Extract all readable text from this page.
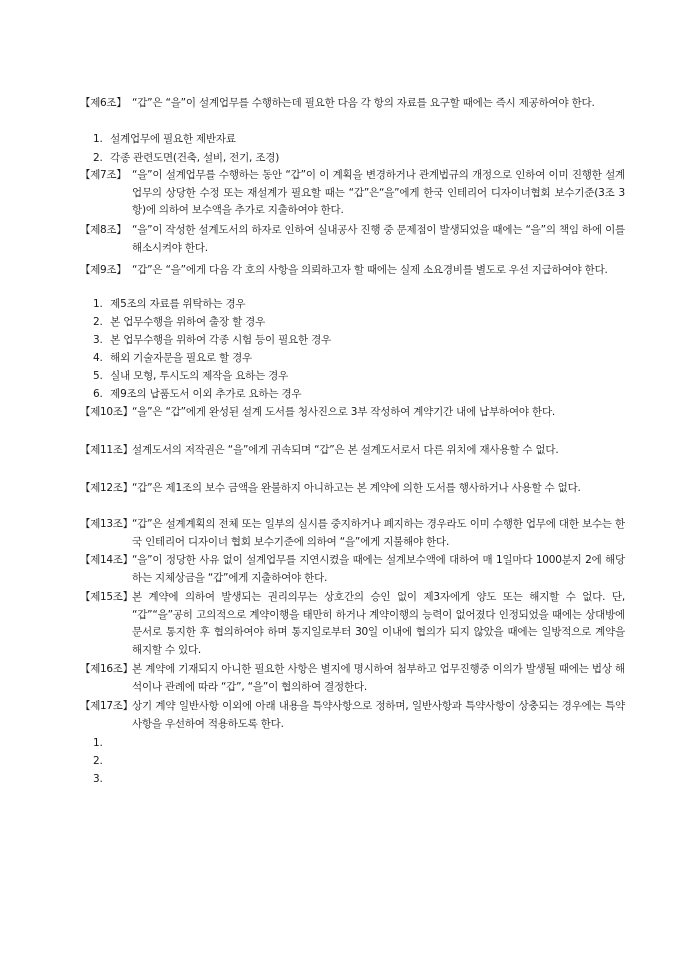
【제6조】 “갑”은 “을”이 설계업무를 수행하는데 필요한 다음 각 항의 자료를 요구할 때에는 즉시 제공하여야 한다.
1. 설계업무에 필요한 제반자료
2. 각종 관련도면(건축, 설비, 전기, 조경)
【제7조】 “을”이 설계업무를 수행하는 동안 “갑”이 이 계획을 변경하거나 관계법규의 개정으로 인하여 이미 진행한 설계업무의 상당한 수정 또는 재설계가 필요할 때는 “갑”은“을”에게 한국 인테리어 디자이너협회 보수기준(3조 3항)에 의하여 보수액을 추가로 지출하여야 한다.
【제8조】 “을”이 작성한 설계도서의 하자로 인하여 실내공사 진행 중 문제점이 발생되었을 때에는 “을”의 책임 하에 이를 해소시켜야 한다.
【제9조】 “갑”은 “을”에게 다음 각 호의 사항을 의뢰하고자 할 때에는 실제 소요경비를 별도로 우선 지급하여야 한다.
1. 제5조의 자료를 위탁하는 경우
2. 본 업무수행을 위하여 출장 할 경우
3. 본 업무수행을 위하여 각종 시험 등이 필요한 경우
4. 해외 기술자문을 필요로 할 경우
5. 실내 모형, 투시도의 제작을 요하는 경우
6. 제9조의 납품도서 이외 추가로 요하는 경우
【제10조】 “을”은 “갑”에게 완성된 설계 도서를 청사진으로 3부 작성하여 계약기간 내에 납부하여야 한다.
【제11조】 설계도서의 저작권은 “을”에게 귀속되며 “갑”은 본 설계도서로서 다른 위치에 재사용할 수 없다.
【제12조】 “갑”은 제1조의 보수 금액을 완불하지 아니하고는 본 계약에 의한 도서를 행사하거나 사용할 수 없다.
【제13조】 “갑”은 설계계획의 전체 또는 일부의 실시를 중지하거나 폐지하는 경우라도 이미 수행한 업무에 대한 보수는 한국 인테리어 디자이너 협회 보수기준에 의하여 “을”에게 지불해야 한다.
【제14조】 “을”이 정당한 사유 없이 설계업무를 지연시켰을 때에는 설계보수액에 대하여 매 1일마다 1000분지 2에 해당하는 지체상금을 “갑”에게 지출하여야 한다.
【제15조】 본 계약에 의하여 발생되는 권리의무는 상호간의 승인 없이 제3자에게 양도 또는 해지할 수 없다. 단, “갑”“을”공히 고의적으로 계약이행을 태만히 하거나 계약이행의 능력이 없어졌다 인정되었을 때에는 상대방에 문서로 통지한 후 협의하여야 하며 통지일로부터 30일 이내에 협의가 되지 않았을 때에는 일방적으로 계약을 해지할 수 있다.
【제16조】 본 계약에 기재되지 아니한 필요한 사항은 별지에 명시하여 첨부하고 업무진행중 이의가 발생될 때에는 법상 해석이나 관례에 따라 “갑”, “을”이 협의하여 결정한다.
【제17조】 상기 계약 일반사항 이외에 아래 내용을 특약사항으로 정하며, 일반사항과 특약사항이 상충되는 경우에는 특약사항을 우선하여 적용하도록 한다.
1.
2.
3.
